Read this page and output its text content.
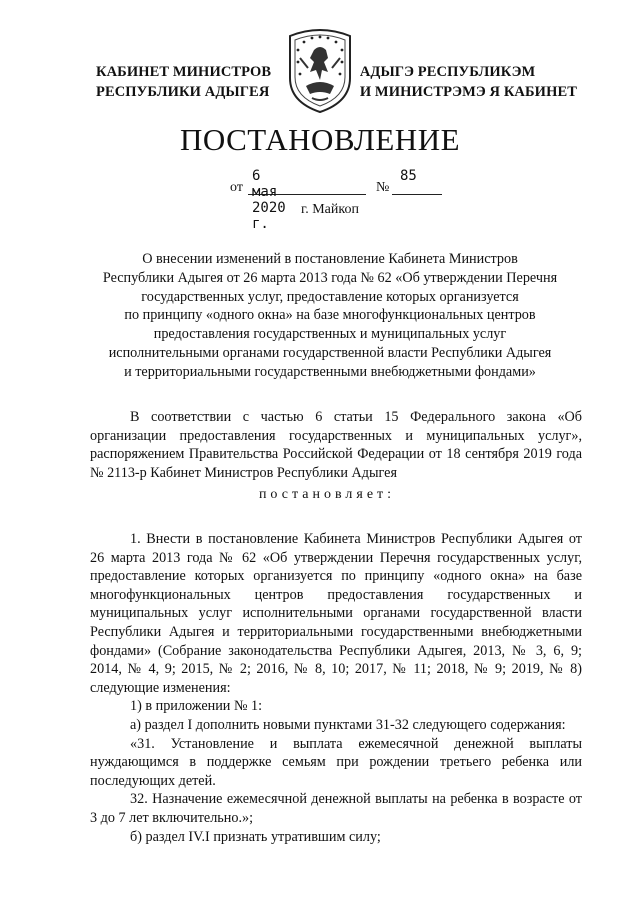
КАБИНЕТ МИНИСТРОВ
РЕСПУБЛИКИ АДЫГЕЯ
АДЫГЭ РЕСПУБЛИКЭМ
И МИНИСТРЭМЭ Я КАБИНЕТ
ПОСТАНОВЛЕНИЕ
от
6 мая 2020 г.
№
85
г. Майкоп
О внесении изменений в постановление Кабинета Министров
Республики Адыгея от 26 марта 2013 года № 62 «Об утверждении Перечня
государственных услуг, предоставление которых организуется
по принципу «одного окна» на базе многофункциональных центров
предоставления государственных и муниципальных услуг
исполнительными органами государственной власти Республики Адыгея
и территориальными государственными внебюджетными фондами»

В соответствии с частью 6 статьи 15 Федерального закона «Об организации предоставления государственных и муниципальных услуг», распоряжением Правительства Российской Федерации от 18 сентября 2019 года № 2113-р Кабинет Министров Республики Адыгея

постановляет:

1. Внести в постановление Кабинета Министров Республики Адыгея от 26 марта 2013 года № 62 «Об утверждении Перечня государственных услуг, предоставление которых организуется по принципу «одного окна» на базе многофункциональных центров предоставления государственных и муниципальных услуг исполнительными органами государственной власти Республики Адыгея и территориальными государственными внебюджетными фондами» (Собрание законодательства Республики Адыгея, 2013, № 3, 6, 9; 2014, № 4, 9; 2015, № 2; 2016, № 8, 10; 2017, № 11; 2018, № 9; 2019, № 8) следующие изменения:

1) в приложении № 1:

а) раздел I дополнить новыми пунктами 31-32 следующего содержания:

«31. Установление и выплата ежемесячной денежной выплаты нуждающимся в поддержке семьям при рождении третьего ребенка или последующих детей.

32. Назначение ежемесячной денежной выплаты на ребенка в возрасте от 3 до 7 лет включительно.»;

б) раздел IV.I признать утратившим силу;
